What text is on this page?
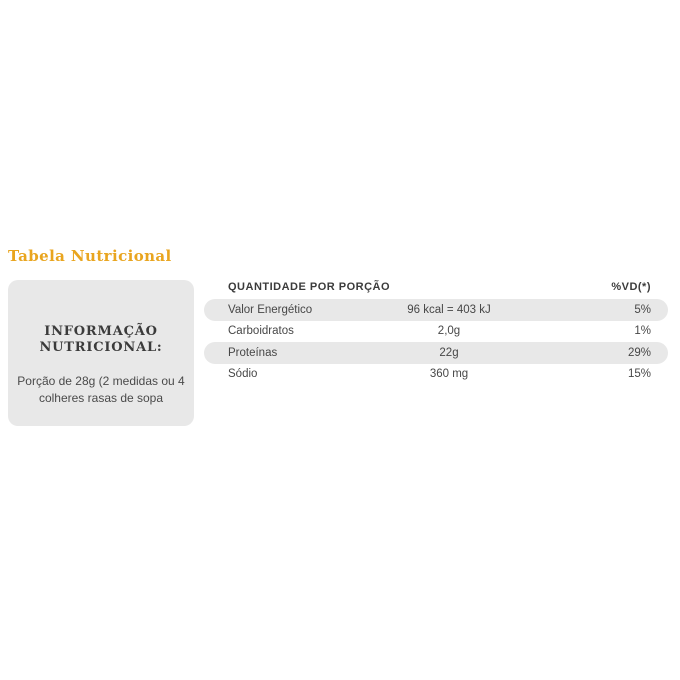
Tabela Nutricional
INFORMAÇÃO
NUTRICIONAL:
Porção de 28g (2 medidas ou 4
colheres rasas de sopa
QUANTIDADE POR PORÇÃO	%VD(*)
Valor Energético	96 kcal = 403 kJ	5%
Carboidratos	2,0g	1%
Proteínas	22g	29%
Sódio	360 mg	15%
